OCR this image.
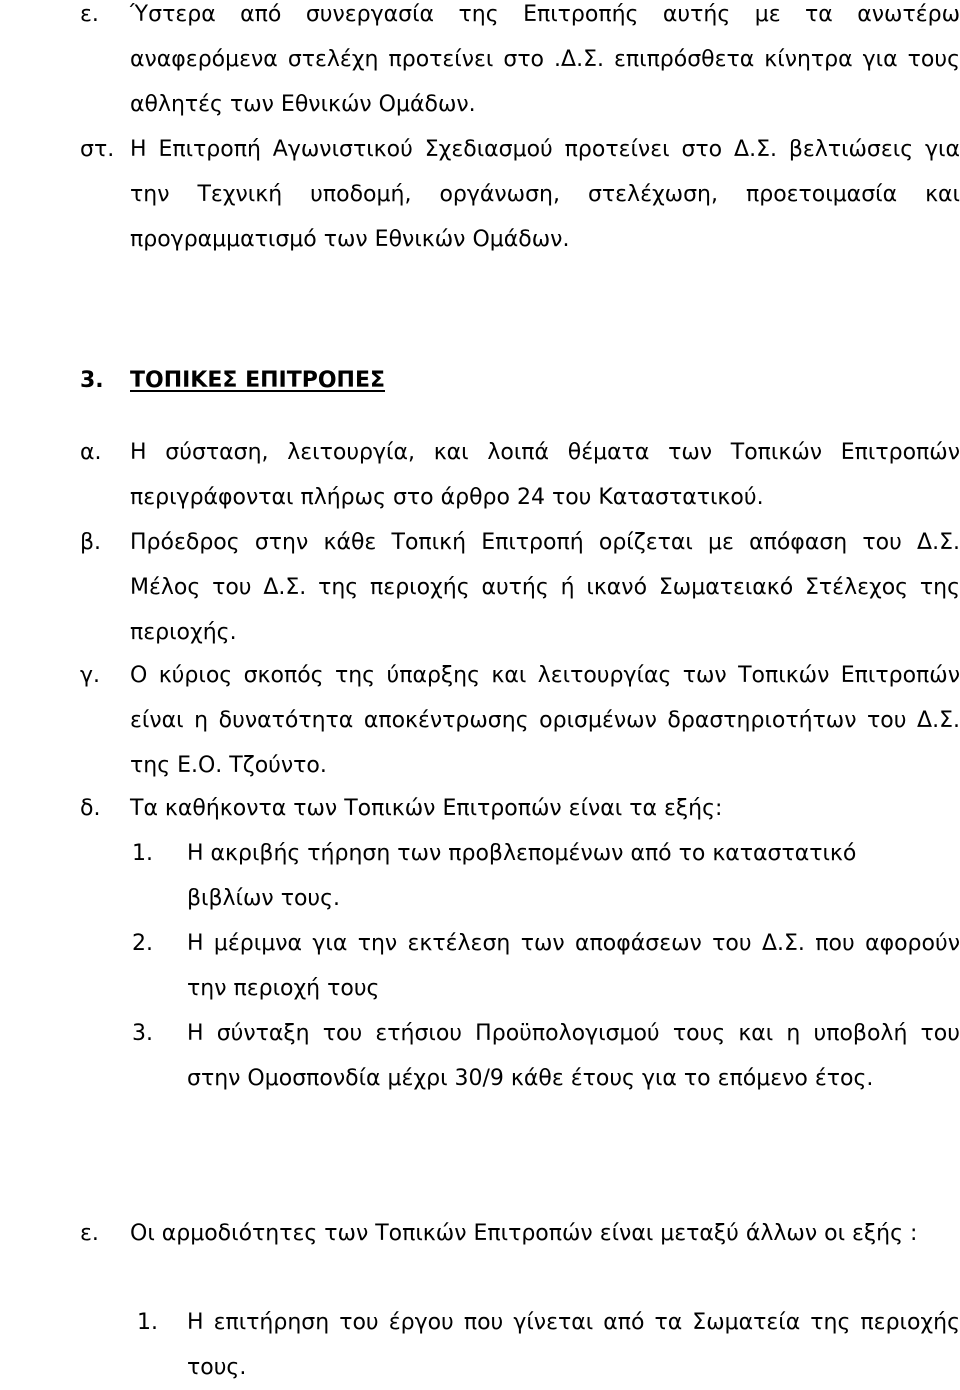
ε. Ύστερα από συνεργασία της Επιτροπής αυτής με τα ανωτέρω αναφερόμενα στελέχη προτείνει στο .Δ.Σ. επιπρόσθετα κίνητρα για τους αθλητές των Εθνικών Ομάδων.
στ. Η Επιτροπή Αγωνιστικού Σχεδιασμού προτείνει στο Δ.Σ. βελτιώσεις για την Τεχνική υποδομή, οργάνωση, στελέχωση, προετοιμασία και προγραμματισμό των Εθνικών Ομάδων.
3. ΤΟΠΙΚΕΣ ΕΠΙΤΡΟΠΕΣ
α. Η σύσταση, λειτουργία, και λοιπά θέματα των Τοπικών Επιτροπών περιγράφονται πλήρως στο άρθρο 24 του Καταστατικού.
β. Πρόεδρος στην κάθε Τοπική Επιτροπή ορίζεται με απόφαση του Δ.Σ. Μέλος του Δ.Σ. της περιοχής αυτής ή ικανό Σωματειακό Στέλεχος της περιοχής.
γ. Ο κύριος σκοπός της ύπαρξης και λειτουργίας των Τοπικών Επιτροπών είναι η δυνατότητα αποκέντρωσης ορισμένων δραστηριοτήτων του Δ.Σ. της Ε.Ο. Τζούντο.
δ. Τα καθήκοντα των Τοπικών Επιτροπών είναι τα εξής:
1. Η ακριβής τήρηση των προβλεπομένων από το καταστατικό βιβλίων τους.
2. Η μέριμνα για την εκτέλεση των αποφάσεων του Δ.Σ. που αφορούν την περιοχή τους
3. Η σύνταξη του ετήσιου Προϋπολογισμού τους και η υποβολή του στην Ομοσπονδία μέχρι 30/9 κάθε έτους για το επόμενο έτος.
ε. Οι αρμοδιότητες των Τοπικών Επιτροπών είναι μεταξύ άλλων οι εξής :
1. Η επιτήρηση του έργου που γίνεται από τα Σωματεία της περιοχής τους.
